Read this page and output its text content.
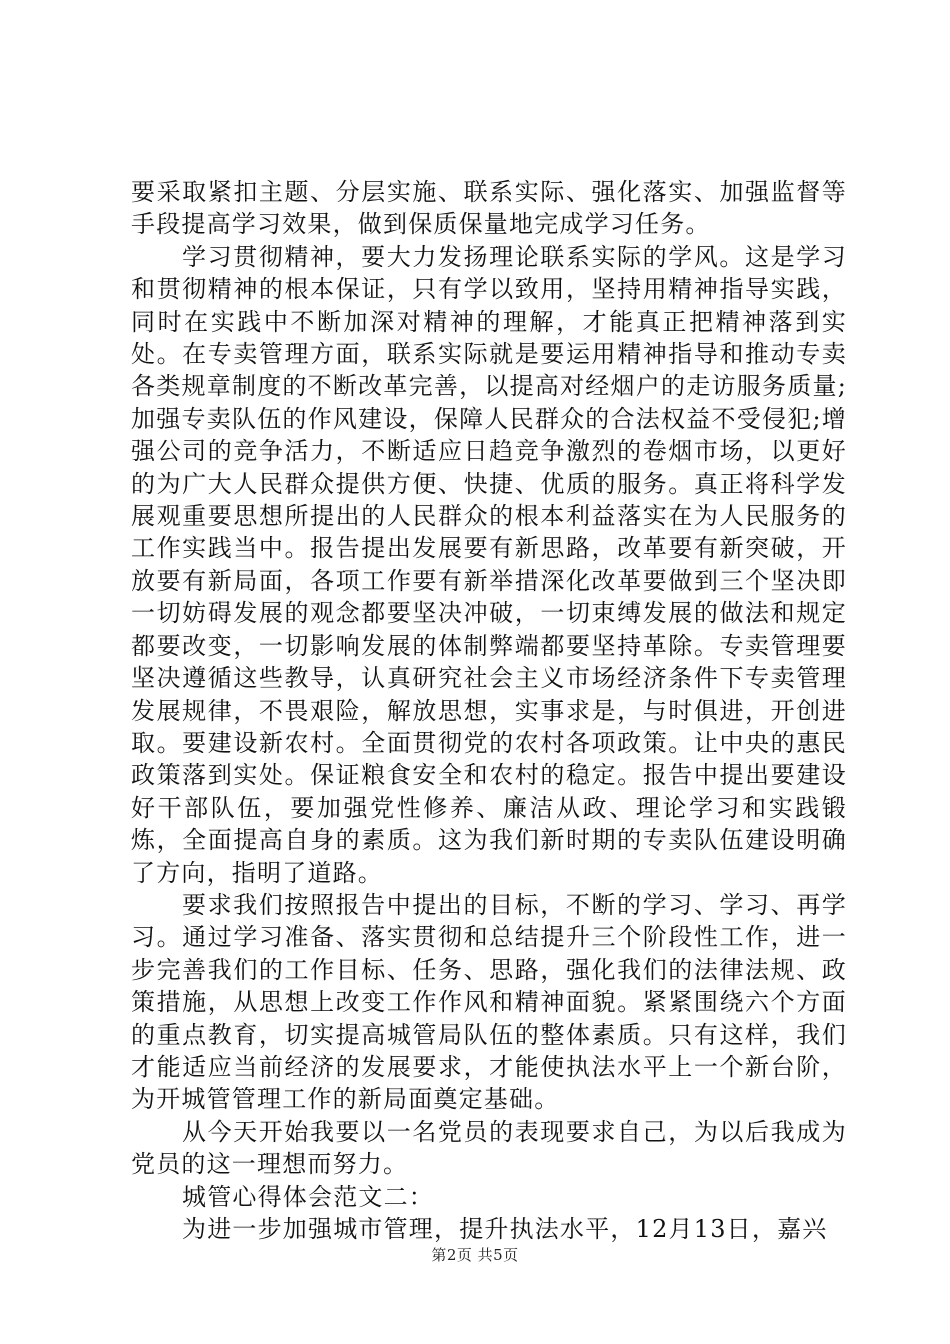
要采取紧扣主题、分层实施、联系实际、强化落实、加强监督等手段提高学习效果，做到保质保量地完成学习任务。

学习贯彻精神，要大力发扬理论联系实际的学风。这是学习和贯彻精神的根本保证，只有学以致用，坚持用精神指导实践，同时在实践中不断加深对精神的理解，才能真正把精神落到实处。在专卖管理方面，联系实际就是要运用精神指导和推动专卖各类规章制度的不断改革完善，以提高对经烟户的走访服务质量;加强专卖队伍的作风建设，保障人民群众的合法权益不受侵犯;增强公司的竞争活力，不断适应日趋竞争激烈的卷烟市场，以更好的为广大人民群众提供方便、快捷、优质的服务。真正将科学发展观重要思想所提出的人民群众的根本利益落实在为人民服务的工作实践当中。报告提出发展要有新思路，改革要有新突破，开放要有新局面，各项工作要有新举措深化改革要做到三个坚决即一切妨碍发展的观念都要坚决冲破，一切束缚发展的做法和规定都要改变，一切影响发展的体制弊端都要坚持革除。专卖管理要坚决遵循这些教导，认真研究社会主义市场经济条件下专卖管理发展规律，不畏艰险，解放思想，实事求是，与时俱进，开创进取。要建设新农村。全面贯彻党的农村各项政策。让中央的惠民政策落到实处。保证粮食安全和农村的稳定。报告中提出要建设好干部队伍，要加强党性修养、廉洁从政、理论学习和实践锻炼，全面提高自身的素质。这为我们新时期的专卖队伍建设明确了方向，指明了道路。

要求我们按照报告中提出的目标，不断的学习、学习、再学习。通过学习准备、落实贯彻和总结提升三个阶段性工作，进一步完善我们的工作目标、任务、思路，强化我们的法律法规、政策措施，从思想上改变工作作风和精神面貌。紧紧围绕六个方面的重点教育，切实提高城管局队伍的整体素质。只有这样，我们才能适应当前经济的发展要求，才能使执法水平上一个新台阶，为开城管管理工作的新局面奠定基础。

从今天开始我要以一名党员的表现要求自己，为以后我成为党员的这一理想而努力。

城管心得体会范文二：

为进一步加强城市管理，提升执法水平，12月13日，嘉兴

第2页 共5页
